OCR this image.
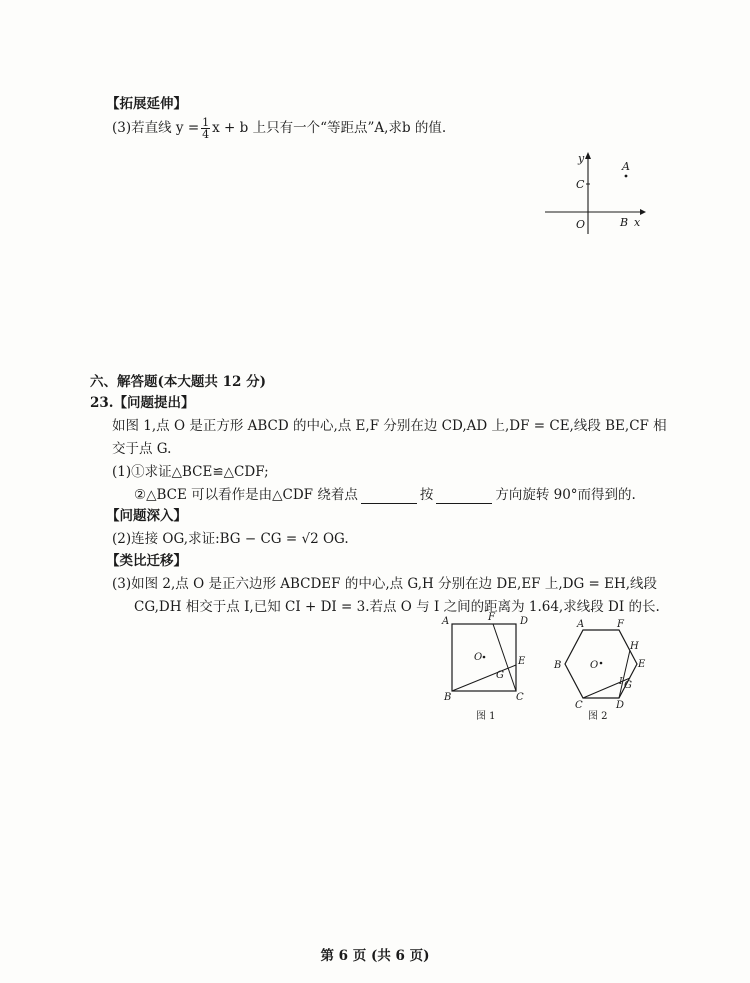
【拓展延伸】
(3)若直线 $y = \frac{1}{4}$ x + b 上只有一个“等距点”A,求b 的值.
y
x
O
C
B
A
六、解答题(本大题共 12 分)
23.【问题提出】
如图 1,点 O 是正方形 ABCD 的中心,点 E,F 分别在边 CD,AD 上,DF = CE,线段 BE,CF 相
交于点 G.
(1)①求证△BCE≌△CDF;
②△BCE 可以看作是由△CDF 绕着点	按	方向旋转 90°而得到的.
【问题深入】
(2)连接 OG,求证:BG − CG = √2 OG.
【类比迁移】
(3)如图 2,点 O 是正六边形 ABCDEF 的中心,点 G,H 分别在边 DE,EF 上,DG = EH,线段
CG,DH 相交于点 I,已知 CI + DI = 3.若点 O 与 I 之间的距离为 1.64,求线段 DI 的长.
A	D
F
B	C
E
G
O
图 1
A	F
H
E
G
I
D
C
B	O
图 2
第 6 页 (共 6 页)
